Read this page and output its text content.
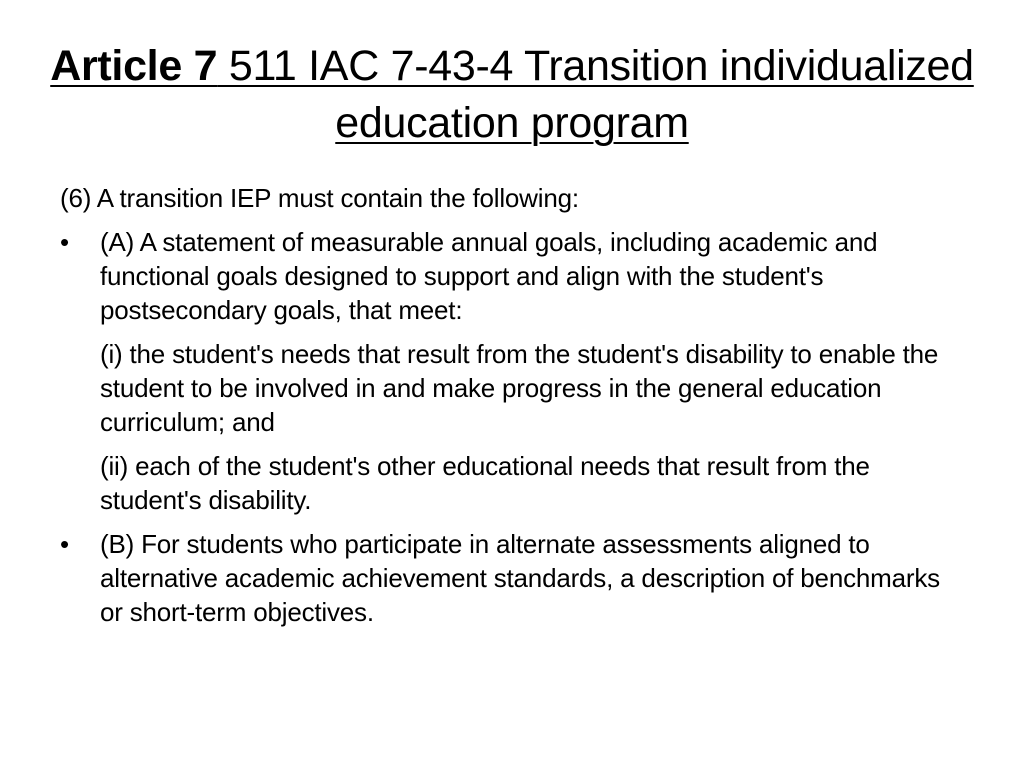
Article 7 511 IAC 7-43-4 Transition individualized education program

(6) A transition IEP must contain the following:

• (A) A statement of measurable annual goals, including academic and functional goals designed to support and align with the student's postsecondary goals, that meet:

(i) the student's needs that result from the student's disability to enable the student to be involved in and make progress in the general education curriculum; and

(ii) each of the student's other educational needs that result from the student's disability.

• (B) For students who participate in alternate assessments aligned to alternative academic achievement standards, a description of benchmarks or short-term objectives.
